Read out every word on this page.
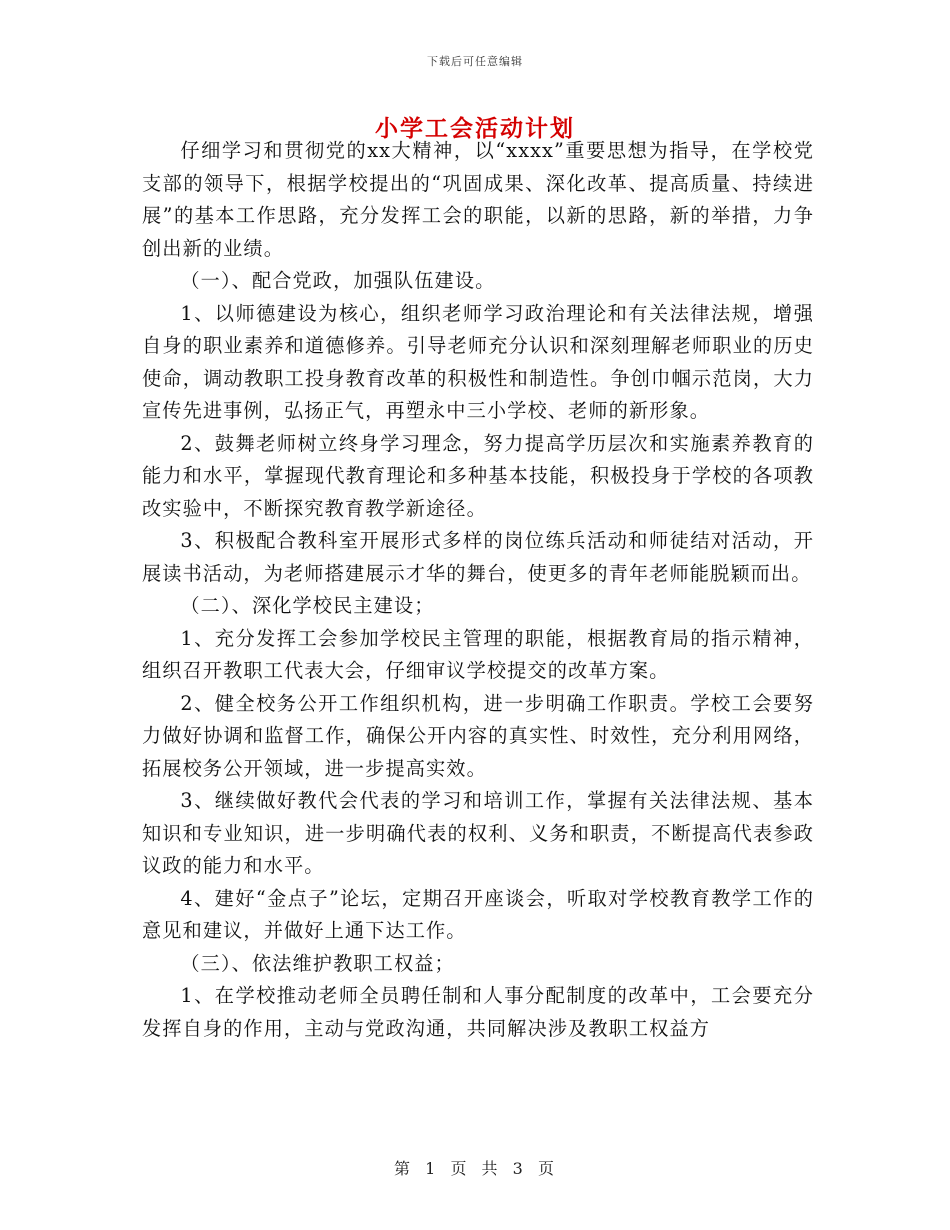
下载后可任意编辑
小学工会活动计划

仔细学习和贯彻党的xx大精神，以“xxxx”重要思想为指导，在学校党支部的领导下，根据学校提出的“巩固成果、深化改革、提高质量、持续进展”的基本工作思路，充分发挥工会的职能，以新的思路，新的举措，力争创出新的业绩。

（一）、配合党政，加强队伍建设。

1、以师德建设为核心，组织老师学习政治理论和有关法律法规，增强自身的职业素养和道德修养。引导老师充分认识和深刻理解老师职业的历史使命，调动教职工投身教育改革的积极性和制造性。争创巾帼示范岗，大力宣传先进事例，弘扬正气，再塑永中三小学校、老师的新形象。

2、鼓舞老师树立终身学习理念，努力提高学历层次和实施素养教育的能力和水平，掌握现代教育理论和多种基本技能，积极投身于学校的各项教改实验中，不断探究教育教学新途径。

3、积极配合教科室开展形式多样的岗位练兵活动和师徒结对活动，开展读书活动，为老师搭建展示才华的舞台，使更多的青年老师能脱颖而出。

（二）、深化学校民主建设；

1、充分发挥工会参加学校民主管理的职能，根据教育局的指示精神，组织召开教职工代表大会，仔细审议学校提交的改革方案。

2、健全校务公开工作组织机构，进一步明确工作职责。学校工会要努力做好协调和监督工作，确保公开内容的真实性、时效性，充分利用网络，拓展校务公开领域，进一步提高实效。

3、继续做好教代会代表的学习和培训工作，掌握有关法律法规、基本知识和专业知识，进一步明确代表的权利、义务和职责，不断提高代表参政议政的能力和水平。

4、建好“金点子”论坛，定期召开座谈会，听取对学校教育教学工作的意见和建议，并做好上通下达工作。

（三）、依法维护教职工权益；

1、在学校推动老师全员聘任制和人事分配制度的改革中，工会要充分发挥自身的作用，主动与党政沟通，共同解决涉及教职工权益方

第 1 页 共 3 页
